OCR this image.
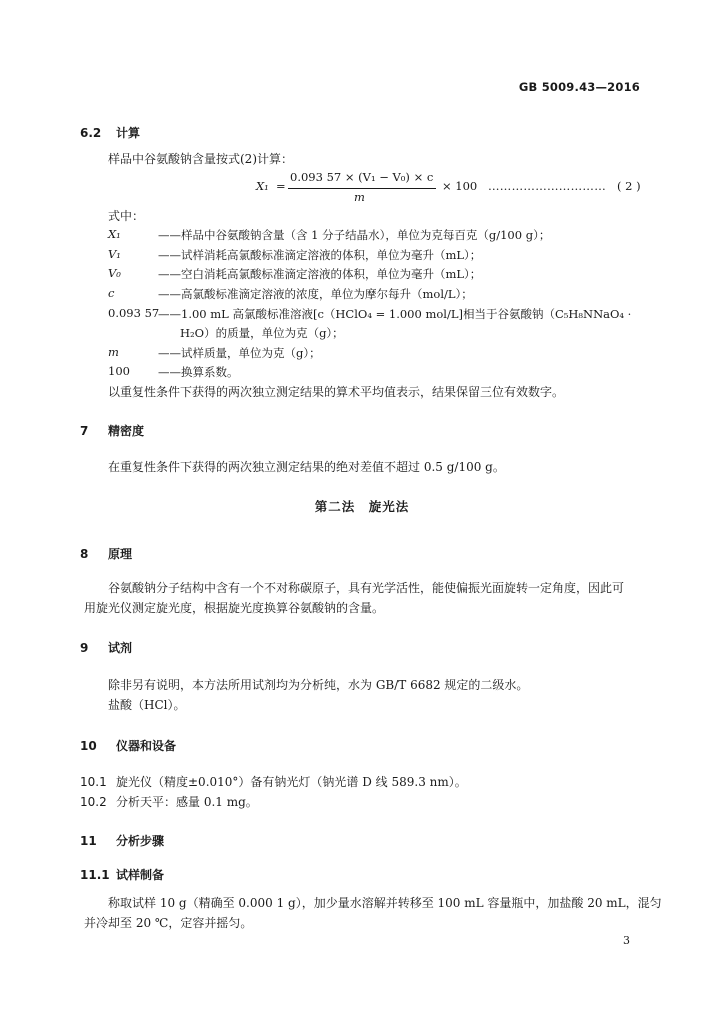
GB 5009.43—2016
6.2 计算
样品中谷氨酸钠含量按式(2)计算：
X₁ =
0.093 57 × (V₁ − V₀) × c
m
× 100 ………………………… ( 2 )
式中：
X₁	——样品中谷氨酸钠含量（含 1 分子结晶水），单位为克每百克（g/100 g）；
V₁	——试样消耗高氯酸标准滴定溶液的体积，单位为毫升（mL）；
V₀	——空白消耗高氯酸标准滴定溶液的体积，单位为毫升（mL）；
c	——高氯酸标准滴定溶液的浓度，单位为摩尔每升（mol/L）；
0.093 57
——1.00 mL 高氯酸标准溶液[c（HClO₄ = 1.000 mol/L]相当于谷氨酸钠（C₅H₈NNaO₄ ·
H₂O）的质量，单位为克（g）；
m	——试样质量，单位为克（g）；
100 ——换算系数。
以重复性条件下获得的两次独立测定结果的算术平均值表示，结果保留三位有效数字。
7 精密度
在重复性条件下获得的两次独立测定结果的绝对差值不超过 0.5 g/100 g。
第二法　旋光法
8 原理
谷氨酸钠分子结构中含有一个不对称碳原子，具有光学活性，能使偏振光面旋转一定角度，因此可
用旋光仪测定旋光度，根据旋光度换算谷氨酸钠的含量。
9 试剂
除非另有说明，本方法所用试剂均为分析纯，水为 GB/T 6682 规定的二级水。
盐酸（HCl）。
10 仪器和设备
10.1 旋光仪（精度±0.010°）备有钠光灯（钠光谱 D 线 589.3 nm）。
10.2 分析天平：感量 0.1 mg。
11 分析步骤
11.1 试样制备
称取试样 10 g（精确至 0.000 1 g），加少量水溶解并转移至 100 mL 容量瓶中，加盐酸 20 mL，混匀
并冷却至 20 ℃，定容并摇匀。
3
